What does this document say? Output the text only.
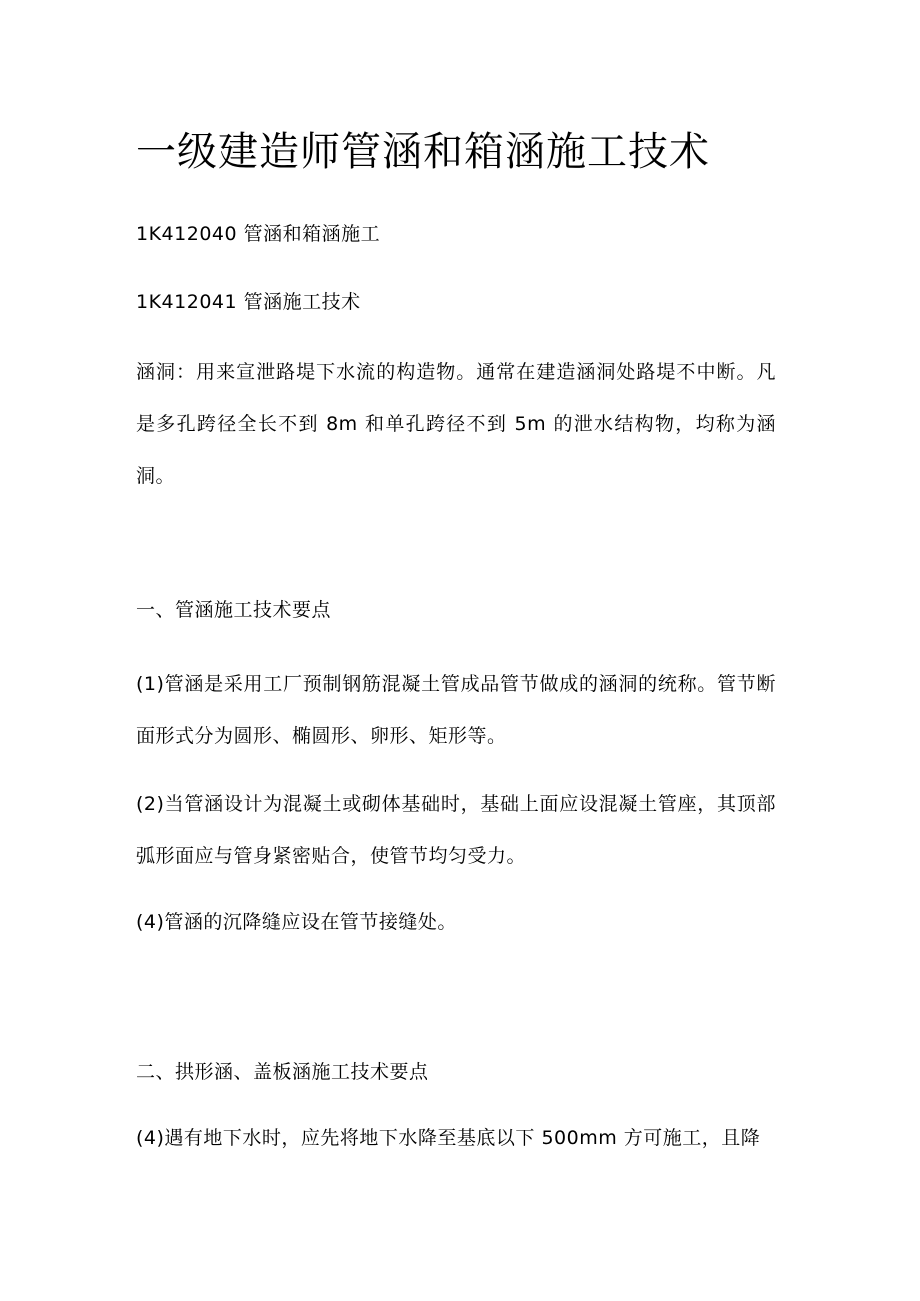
一级建造师管涵和箱涵施工技术

1K412040 管涵和箱涵施工

1K412041 管涵施工技术

涵洞：用来宣泄路堤下水流的构造物。通常在建造涵洞处路堤不中断。凡是多孔跨径全长不到 8m 和单孔跨径不到 5m 的泄水结构物，均称为涵洞。

一、管涵施工技术要点

(1)管涵是采用工厂预制钢筋混凝土管成品管节做成的涵洞的统称。管节断面形式分为圆形、椭圆形、卵形、矩形等。

(2)当管涵设计为混凝土或砌体基础时，基础上面应设混凝土管座，其顶部弧形面应与管身紧密贴合，使管节均匀受力。

(4)管涵的沉降缝应设在管节接缝处。

二、拱形涵、盖板涵施工技术要点

(4)遇有地下水时，应先将地下水降至基底以下 500mm 方可施工，且降
